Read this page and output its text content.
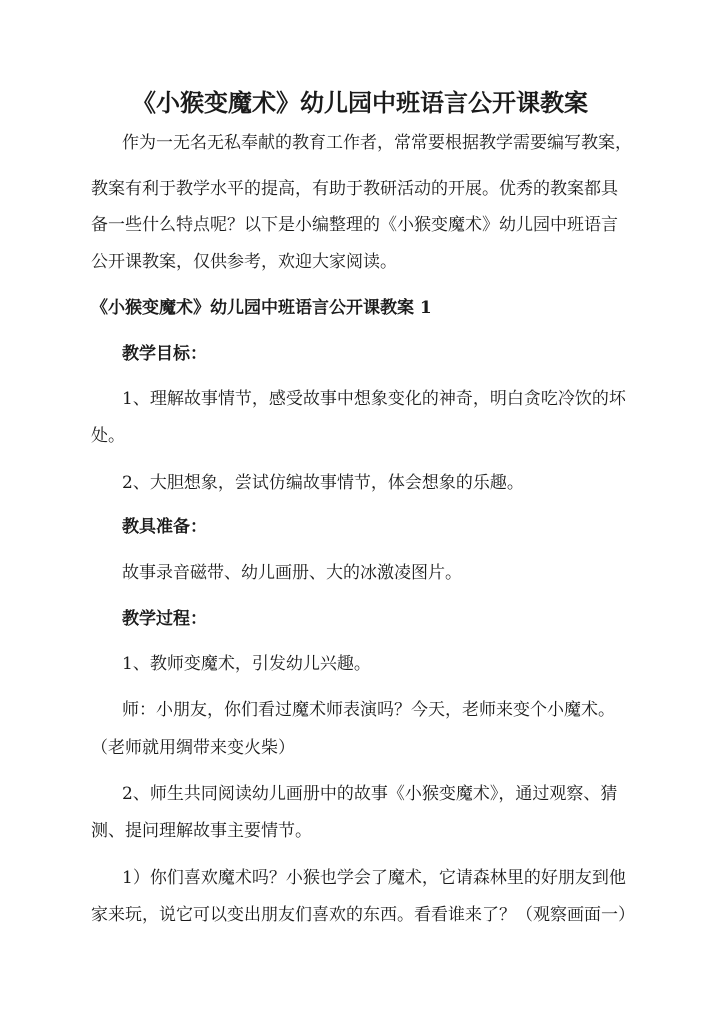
《小猴变魔术》幼儿园中班语言公开课教案

作为一无名无私奉献的教育工作者，常常要根据教学需要编写教案，

教案有利于教学水平的提高，有助于教研活动的开展。优秀的教案都具

备一些什么特点呢？以下是小编整理的《小猴变魔术》幼儿园中班语言

公开课教案，仅供参考，欢迎大家阅读。

《小猴变魔术》幼儿园中班语言公开课教案 1

教学目标：

1、理解故事情节，感受故事中想象变化的神奇，明白贪吃冷饮的坏

处。

2、大胆想象，尝试仿编故事情节，体会想象的乐趣。

教具准备：

故事录音磁带、幼儿画册、大的冰激凌图片。

教学过程：

1、教师变魔术，引发幼儿兴趣。

师：小朋友，你们看过魔术师表演吗？今天，老师来变个小魔术。

（老师就用绸带来变火柴）

2、师生共同阅读幼儿画册中的故事《小猴变魔术》，通过观察、猜

测、提问理解故事主要情节。

1）你们喜欢魔术吗？小猴也学会了魔术，它请森林里的好朋友到他

家来玩，说它可以变出朋友们喜欢的东西。看看谁来了？（观察画面一）
